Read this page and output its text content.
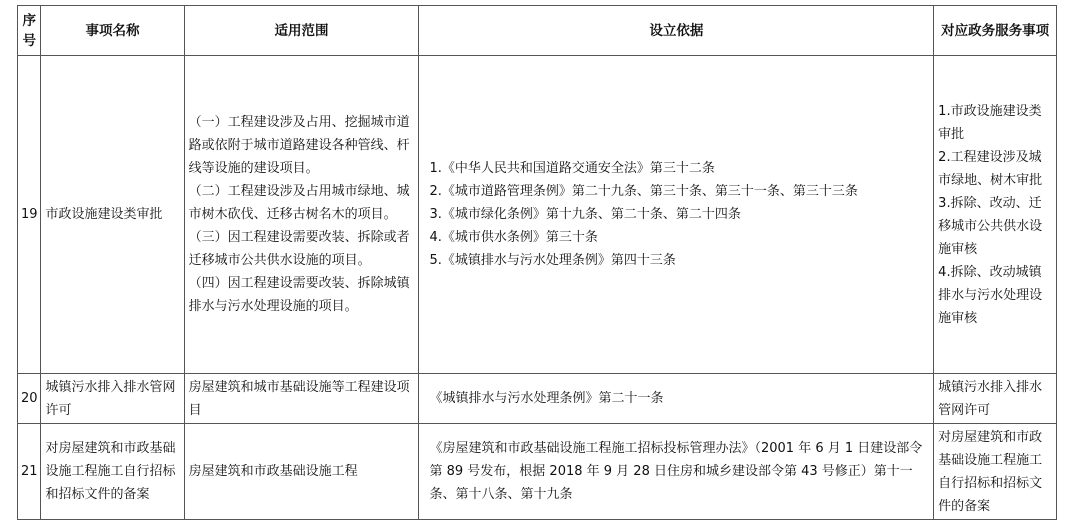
序号	事项名称	适用范围	设立依据	对应政务服务事项
19	市政设施建设类审批	（一）工程建设涉及占用、挖掘城市道路或依附于城市道路建设各种管线、杆线等设施的建设项目。
（二）工程建设涉及占用城市绿地、城市树木砍伐、迁移古树名木的项目。
（三）因工程建设需要改装、拆除或者迁移城市公共供水设施的项目。
（四）因工程建设需要改装、拆除城镇排水与污水处理设施的项目。	1.《中华人民共和国道路交通安全法》第三十二条
2.《城市道路管理条例》第二十九条、第三十条、第三十一条、第三十三条
3.《城市绿化条例》第十九条、第二十条、第二十四条
4.《城市供水条例》第三十条
5.《城镇排水与污水处理条例》第四十三条	1.市政设施建设类审批
2.工程建设涉及城市绿地、树木审批
3.拆除、改动、迁移城市公共供水设施审核
4.拆除、改动城镇排水与污水处理设施审核

20	城镇污水排入排水管网许可	房屋建筑和城市基础设施等工程建设项目	《城镇排水与污水处理条例》第二十一条	城镇污水排入排水管网许可

21	对房屋建筑和市政基础设施工程施工自行招标和招标文件的备案	房屋建筑和市政基础设施工程	《房屋建筑和市政基础设施工程施工招标投标管理办法》（2001 年 6 月 1 日建设部令第 89 号发布，根据 2018 年 9 月 28 日住房和城乡建设部令第 43 号修正）第十一条、第十八条、第十九条	对房屋建筑和市政基础设施工程施工自行招标和招标文件的备案
